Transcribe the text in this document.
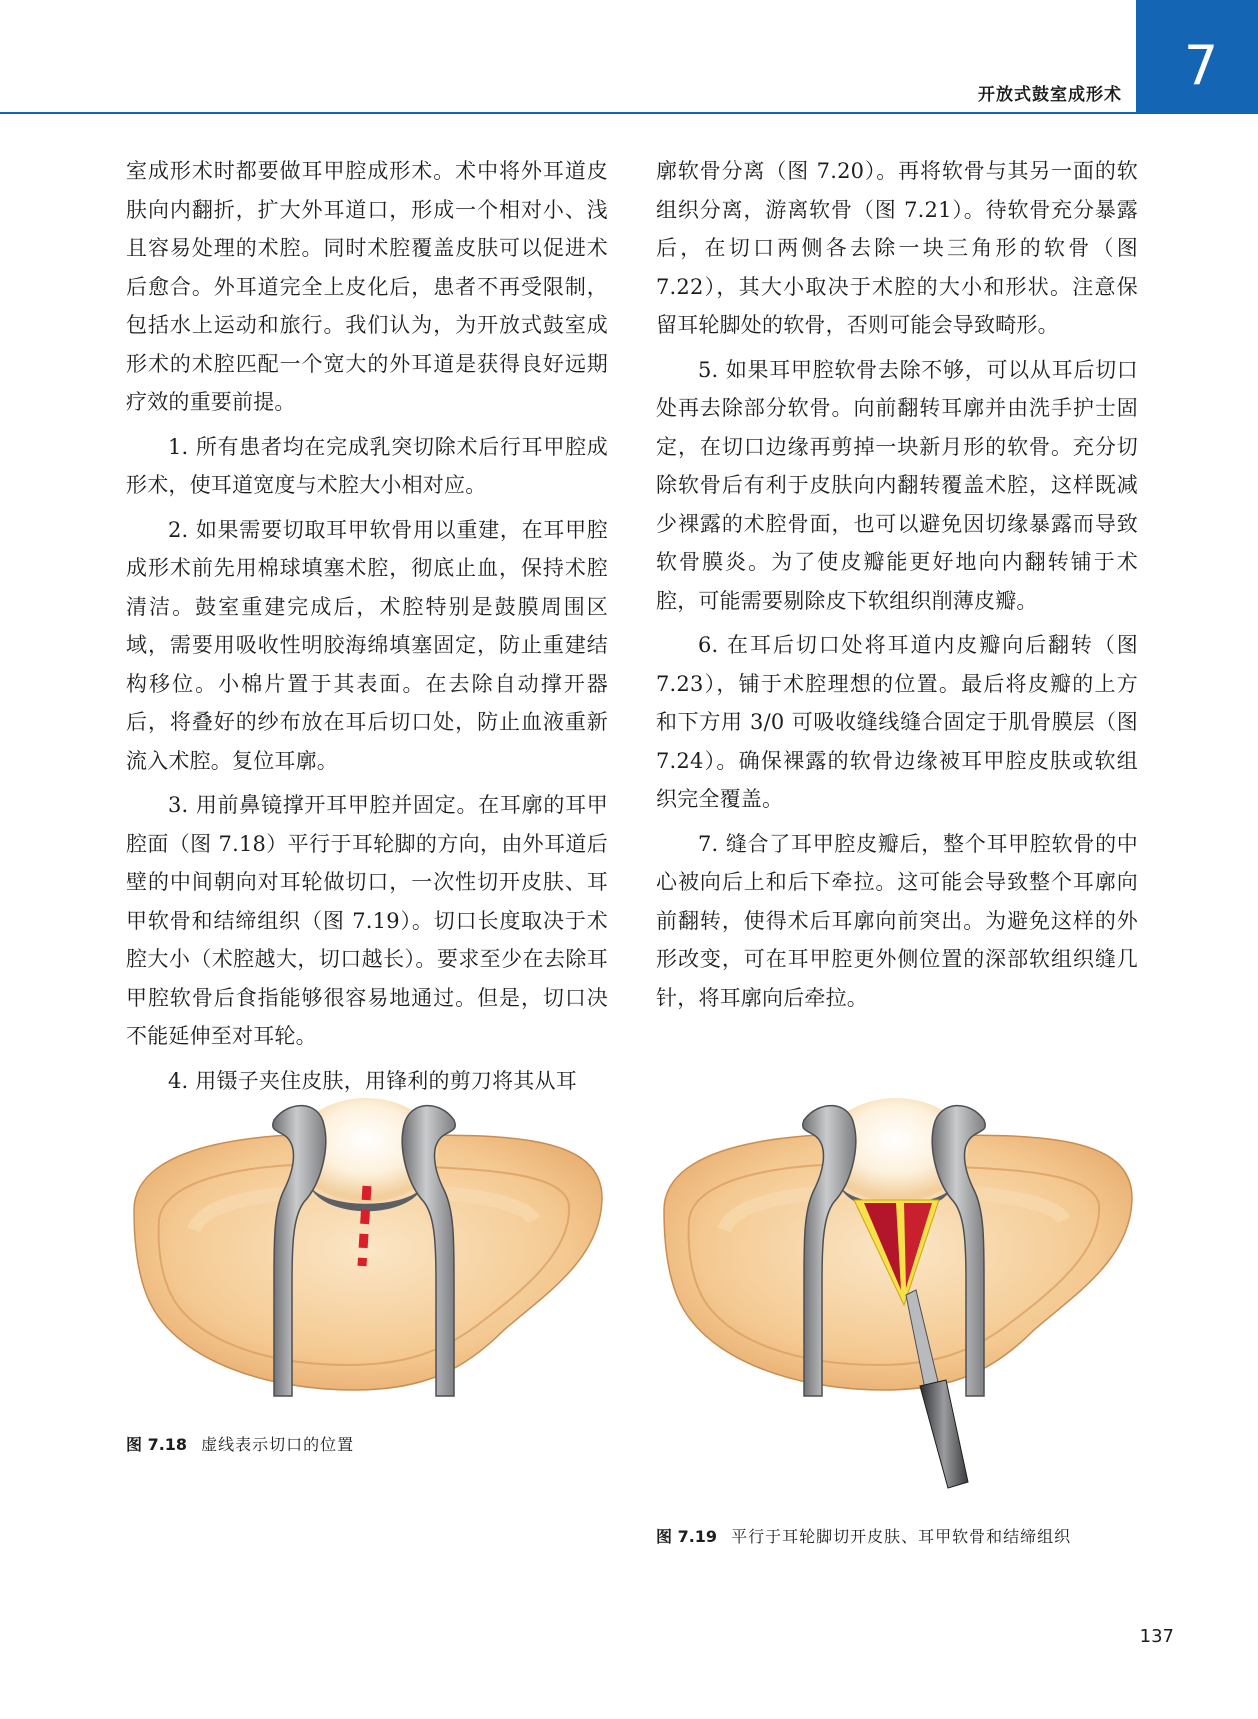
开放式鼓室成形术 7

室成形术时都要做耳甲腔成形术。术中将外耳道皮肤向内翻折，扩大外耳道口，形成一个相对小、浅且容易处理的术腔。同时术腔覆盖皮肤可以促进术后愈合。外耳道完全上皮化后，患者不再受限制，包括水上运动和旅行。我们认为，为开放式鼓室成形术的术腔匹配一个宽大的外耳道是获得良好远期疗效的重要前提。

1. 所有患者均在完成乳突切除术后行耳甲腔成形术，使耳道宽度与术腔大小相对应。

2. 如果需要切取耳甲软骨用以重建，在耳甲腔成形术前先用棉球填塞术腔，彻底止血，保持术腔清洁。鼓室重建完成后，术腔特别是鼓膜周围区域，需要用吸收性明胶海绵填塞固定，防止重建结构移位。小棉片置于其表面。在去除自动撑开器后，将叠好的纱布放在耳后切口处，防止血液重新流入术腔。复位耳廓。

3. 用前鼻镜撑开耳甲腔并固定。在耳廓的耳甲腔面（图 7.18）平行于耳轮脚的方向，由外耳道后壁的中间朝向对耳轮做切口，一次性切开皮肤、耳甲软骨和结缔组织（图 7.19）。切口长度取决于术腔大小（术腔越大，切口越长）。要求至少在去除耳甲腔软骨后食指能够很容易地通过。但是，切口决不能延伸至对耳轮。

4. 用镊子夹住皮肤，用锋利的剪刀将其从耳

廓软骨分离（图 7.20）。再将软骨与其另一面的软组织分离，游离软骨（图 7.21）。待软骨充分暴露后，在切口两侧各去除一块三角形的软骨（图 7.22），其大小取决于术腔的大小和形状。注意保留耳轮脚处的软骨，否则可能会导致畸形。

5. 如果耳甲腔软骨去除不够，可以从耳后切口处再去除部分软骨。向前翻转耳廓并由洗手护士固定，在切口边缘再剪掉一块新月形的软骨。充分切除软骨后有利于皮肤向内翻转覆盖术腔，这样既减少裸露的术腔骨面，也可以避免因切缘暴露而导致软骨膜炎。为了使皮瓣能更好地向内翻转铺于术腔，可能需要剔除皮下软组织削薄皮瓣。

6. 在耳后切口处将耳道内皮瓣向后翻转（图 7.23），铺于术腔理想的位置。最后将皮瓣的上方和下方用 3/0 可吸收缝线缝合固定于肌骨膜层（图 7.24）。确保裸露的软骨边缘被耳甲腔皮肤或软组织完全覆盖。

7. 缝合了耳甲腔皮瓣后，整个耳甲腔软骨的中心被向后上和后下牵拉。这可能会导致整个耳廓向前翻转，使得术后耳廓向前突出。为避免这样的外形改变，可在耳甲腔更外侧位置的深部软组织缝几针，将耳廓向后牵拉。

图 7.18 虚线表示切口的位置
图 7.19 平行于耳轮脚切开皮肤、耳甲软骨和结缔组织
137
